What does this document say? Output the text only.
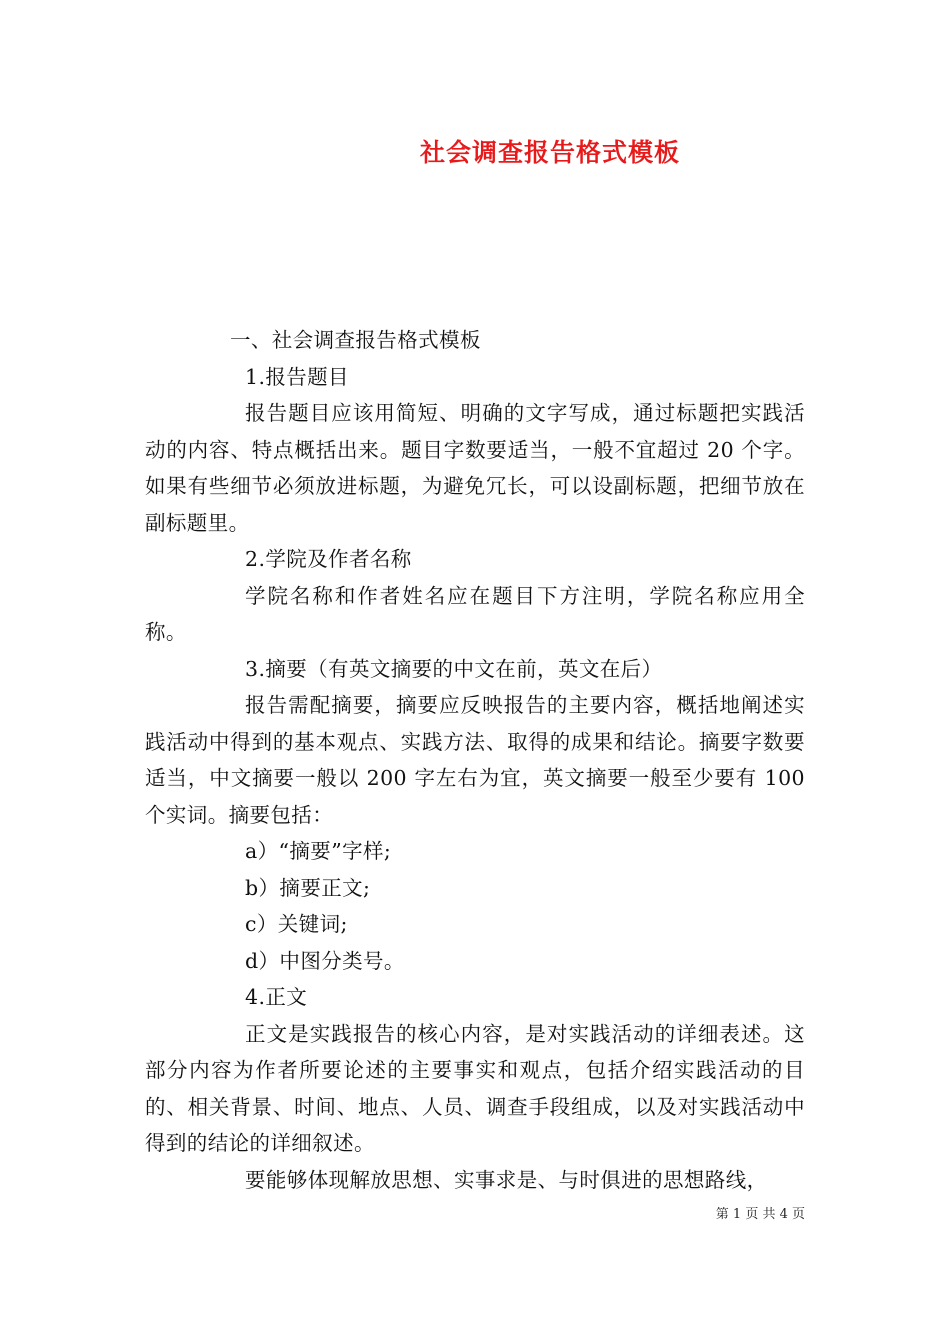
社会调查报告格式模板

一、社会调查报告格式模板

1.报告题目

报告题目应该用简短、明确的文字写成，通过标题把实践活动的内容、特点概括出来。题目字数要适当，一般不宜超过 20 个字。如果有些细节必须放进标题，为避免冗长，可以设副标题，把细节放在副标题里。

2.学院及作者名称

学院名称和作者姓名应在题目下方注明，学院名称应用全称。

3.摘要（有英文摘要的中文在前，英文在后）

报告需配摘要，摘要应反映报告的主要内容，概括地阐述实践活动中得到的基本观点、实践方法、取得的成果和结论。摘要字数要适当，中文摘要一般以 200 字左右为宜，英文摘要一般至少要有 100 个实词。摘要包括：

a）“摘要”字样;

b）摘要正文;

c）关键词;

d）中图分类号。

4.正文

正文是实践报告的核心内容，是对实践活动的详细表述。这部分内容为作者所要论述的主要事实和观点，包括介绍实践活动的目的、相关背景、时间、地点、人员、调查手段组成，以及对实践活动中得到的结论的详细叙述。

要能够体现解放思想、实事求是、与时俱进的思想路线，

第 1 页 共 4 页
